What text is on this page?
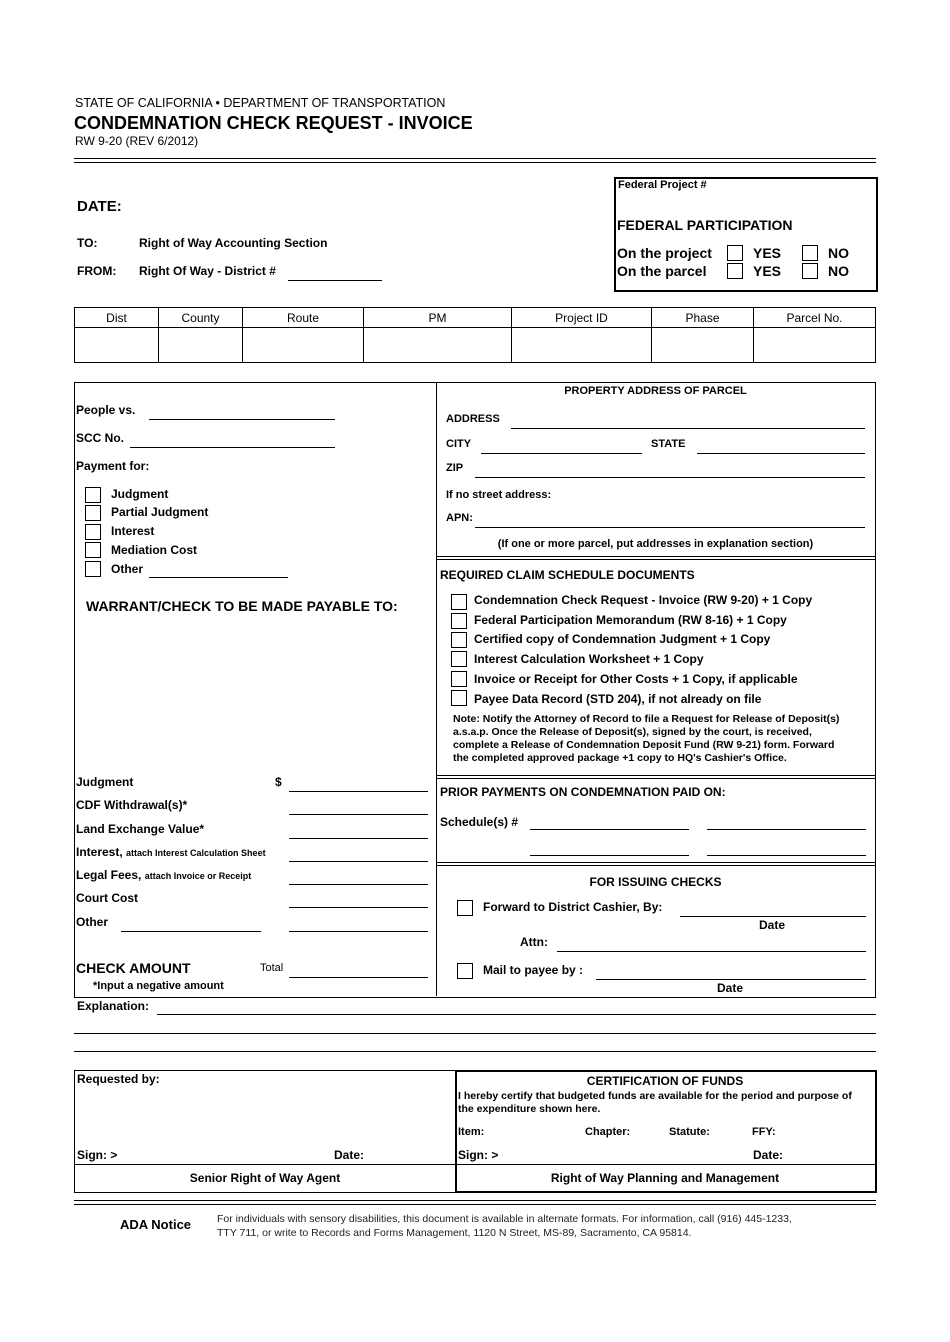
STATE OF CALIFORNIA • DEPARTMENT OF TRANSPORTATION
CONDEMNATION CHECK REQUEST - INVOICE
RW 9-20 (REV 6/2012)
DATE:
TO:	Right of Way Accounting Section
FROM: Right Of Way - District #
Federal Project #
FEDERAL PARTICIPATION
On the project	YES	NO
On the parcel	YES	NO
Dist	County	Route	PM	Project ID	Phase	Parcel No.

People vs.
SCC No.
Payment for:
Judgment
Partial Judgment
Interest
Mediation Cost
Other
WARRANT/CHECK TO BE MADE PAYABLE TO:
Judgment	$
CDF Withdrawal(s)*
Land Exchange Value*
Interest, attach Interest Calculation Sheet
Legal Fees, attach Invoice or Receipt
Court Cost
Other
CHECK AMOUNT	Total
*Input a negative amount
PROPERTY ADDRESS OF PARCEL
ADDRESS
CITY	STATE
ZIP
If no street address:
APN:
(If one or more parcel, put addresses in explanation section)
REQUIRED CLAIM SCHEDULE DOCUMENTS
Condemnation Check Request - Invoice (RW 9-20) + 1 Copy
Federal Participation Memorandum (RW 8-16) + 1 Copy
Certified copy of Condemnation Judgment + 1 Copy
Interest Calculation Worksheet + 1 Copy
Invoice or Receipt for Other Costs + 1 Copy, if applicable
Payee Data Record (STD 204), if not already on file
Note: Notify the Attorney of Record to file a Request for Release of Deposit(s)
a.s.a.p. Once the Release of Deposit(s), signed by the court, is received,
complete a Release of Condemnation Deposit Fund (RW 9-21) form. Forward
the completed approved package +1 copy to HQ's Cashier's Office.
PRIOR PAYMENTS ON CONDEMNATION PAID ON:
Schedule(s) #
FOR ISSUING CHECKS
Forward to District Cashier, By:
Date
Attn:
Mail to payee by :
Date
Explanation:
Requested by:
Sign: >	Date:
Senior Right of Way Agent
CERTIFICATION OF FUNDS
I hereby certify that budgeted funds are available for the period and purpose of
the expenditure shown here.
Item:	Chapter:	Statute:	FFY:
Sign: >	Date:
Right of Way Planning and Management
ADA Notice For individuals with sensory disabilities, this document is available in alternate formats. For information, call (916) 445-1233,
TTY 711, or write to Records and Forms Management, 1120 N Street, MS-89, Sacramento, CA 95814.
